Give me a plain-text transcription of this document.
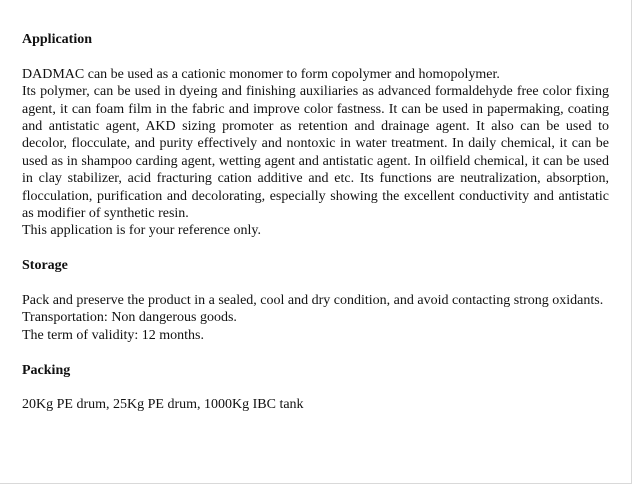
Application

DADMAC can be used as a cationic monomer to form copolymer and homopolymer.

Its polymer, can be used in dyeing and finishing auxiliaries as advanced formaldehyde free color fixing agent, it can foam film in the fabric and improve color fastness. It can be used in papermaking, coating and antistatic agent, AKD sizing promoter as retention and drainage agent. It also can be used to decolor, flocculate, and purity effectively and nontoxic in water treatment. In daily chemical, it can be used as in shampoo carding agent, wetting agent and antistatic agent. In oilfield chemical, it can be used in clay stabilizer, acid fracturing cation additive and etc. Its functions are neutralization, absorption, flocculation, purification and decolorating, especially showing the excellent conductivity and antistatic as modifier of synthetic resin.

This application is for your reference only.

Storage

Pack and preserve the product in a sealed, cool and dry condition, and avoid contacting strong oxidants.

Transportation: Non dangerous goods.

The term of validity: 12 months.

Packing

20Kg PE drum, 25Kg PE drum, 1000Kg IBC tank
